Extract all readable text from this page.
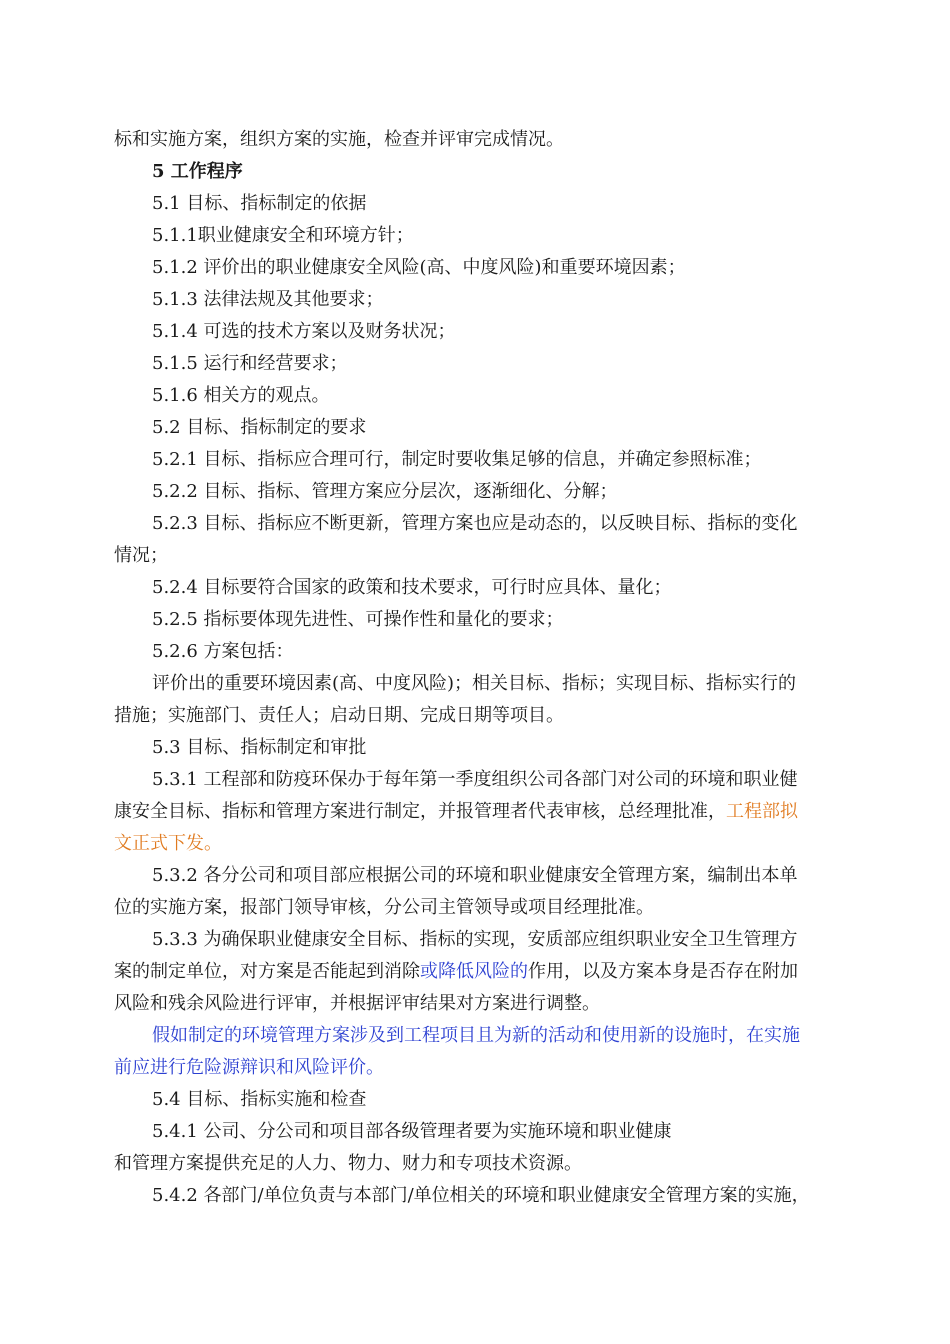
标和实施方案，组织方案的实施，检查并评审完成情况。
5 工作程序
5.1 目标、指标制定的依据
5.1.1职业健康安全和环境方针；
5.1.2 评价出的职业健康安全风险(高、中度风险)和重要环境因素；
5.1.3 法律法规及其他要求；
5.1.4 可选的技术方案以及财务状况；
5.1.5 运行和经营要求；
5.1.6 相关方的观点。
5.2 目标、指标制定的要求
5.2.1 目标、指标应合理可行，制定时要收集足够的信息，并确定参照标准；
5.2.2 目标、指标、管理方案应分层次，逐渐细化、分解；
5.2.3 目标、指标应不断更新，管理方案也应是动态的，以反映目标、指标的变化
情况；
5.2.4 目标要符合国家的政策和技术要求，可行时应具体、量化；
5.2.5 指标要体现先进性、可操作性和量化的要求；
5.2.6 方案包括：
评价出的重要环境因素(高、中度风险)；相关目标、指标；实现目标、指标实行的
措施；实施部门、责任人；启动日期、完成日期等项目。
5.3 目标、指标制定和审批
5.3.1 工程部和防疫环保办于每年第一季度组织公司各部门对公司的环境和职业健
康安全目标、指标和管理方案进行制定，并报管理者代表审核，总经理批准，工程部拟
文正式下发。
5.3.2 各分公司和项目部应根据公司的环境和职业健康安全管理方案，编制出本单
位的实施方案，报部门领导审核，分公司主管领导或项目经理批准。
5.3.3 为确保职业健康安全目标、指标的实现，安质部应组织职业安全卫生管理方
案的制定单位，对方案是否能起到消除或降低风险的作用，以及方案本身是否存在附加
风险和残余风险进行评审，并根据评审结果对方案进行调整。
假如制定的环境管理方案涉及到工程项目且为新的活动和使用新的设施时，在实施
前应进行危险源辩识和风险评价。
5.4 目标、指标实施和检查
5.4.1 公司、分公司和项目部各级管理者要为实施环境和职业健康
和管理方案提供充足的人力、物力、财力和专项技术资源。
5.4.2 各部门/单位负责与本部门/单位相关的环境和职业健康安全管理方案的实施，
